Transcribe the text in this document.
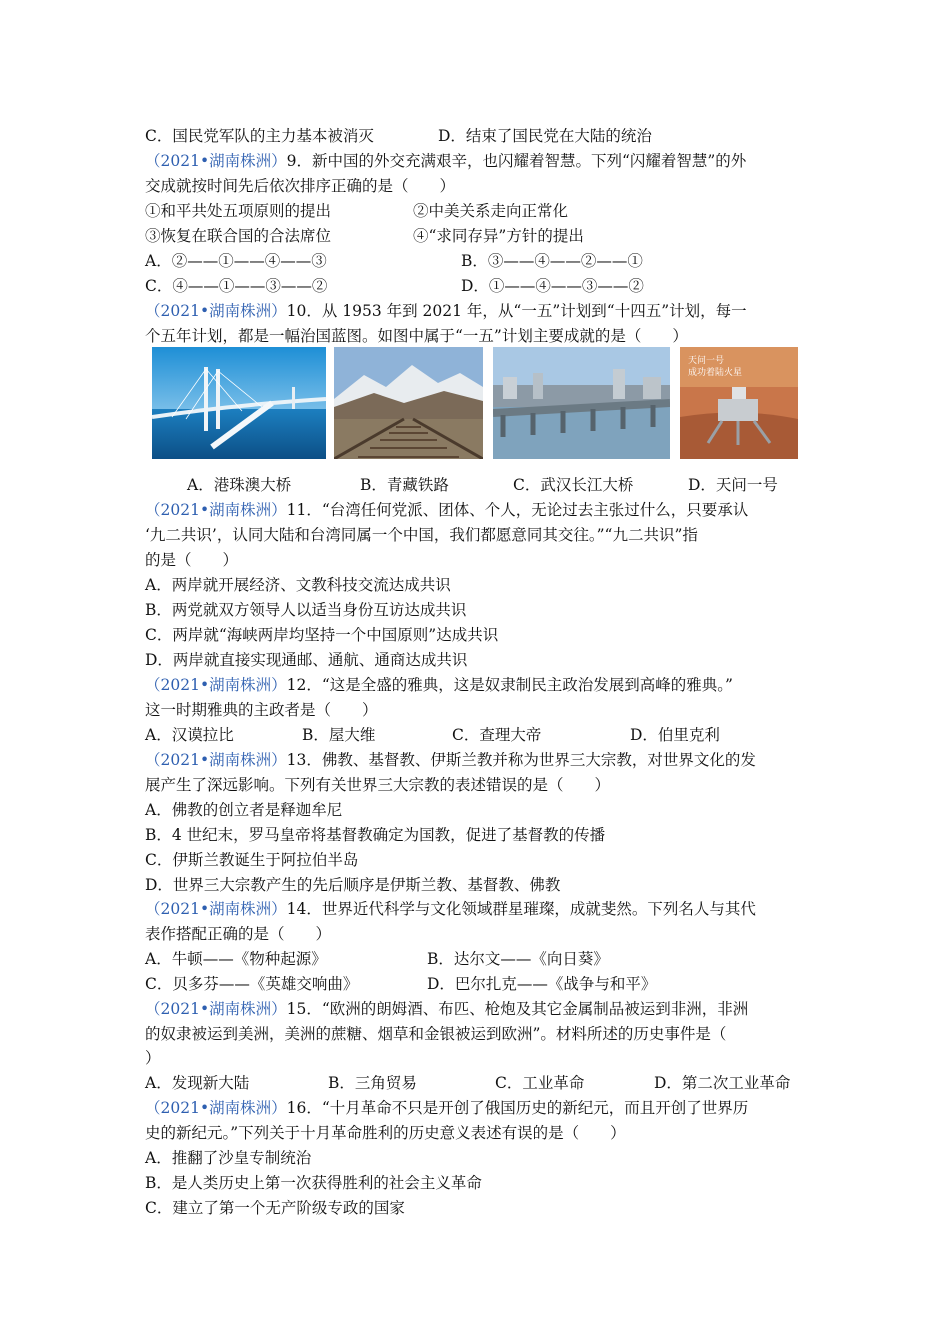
C．国民党军队的主力基本被消灭	D．结束了国民党在大陆的统治
（2021•湖南株洲）9．新中国的外交充满艰辛，也闪耀着智慧。下列“闪耀着智慧”的外
交成就按时间先后依次排序正确的是（　　）
①和平共处五项原则的提出	②中美关系走向正常化
③恢复在联合国的合法席位	④“求同存异”方针的提出
A．②——①——④——③	B．③——④——②——①
C．④——①——③——②	D．①——④——③——②
（2021•湖南株洲）10．从 1953 年到 2021 年，从“一五”计划到“十四五”计划，每一
个五年计划，都是一幅治国蓝图。如图中属于“一五”计划主要成就的是（　　）
天问一号
成功着陆火星
A．港珠澳大桥	B．青藏铁路	C．武汉长江大桥	D．天问一号
（2021•湖南株洲）11．“台湾任何党派、团体、个人，无论过去主张过什么，只要承认
‘九二共识’，认同大陆和台湾同属一个中国，我们都愿意同其交往。”“九二共识”指
的是（　　）
A．两岸就开展经济、文教科技交流达成共识
B．两党就双方领导人以适当身份互访达成共识
C．两岸就“海峡两岸均坚持一个中国原则”达成共识
D．两岸就直接实现通邮、通航、通商达成共识
（2021•湖南株洲）12．“这是全盛的雅典，这是奴隶制民主政治发展到高峰的雅典。”
这一时期雅典的主政者是（　　）
A．汉谟拉比	B．屋大维	C．查理大帝	D．伯里克利
（2021•湖南株洲）13．佛教、基督教、伊斯兰教并称为世界三大宗教，对世界文化的发
展产生了深远影响。下列有关世界三大宗教的表述错误的是（　　）
A．佛教的创立者是释迦牟尼
B．4 世纪末，罗马皇帝将基督教确定为国教，促进了基督教的传播
C．伊斯兰教诞生于阿拉伯半岛
D．世界三大宗教产生的先后顺序是伊斯兰教、基督教、佛教
（2021•湖南株洲）14．世界近代科学与文化领域群星璀璨，成就斐然。下列名人与其代
表作搭配正确的是（　　）
A．牛顿——《物种起源》	B．达尔文——《向日葵》
C．贝多芬——《英雄交响曲》	D．巴尔扎克——《战争与和平》
（2021•湖南株洲）15．“欧洲的朗姆酒、布匹、枪炮及其它金属制品被运到非洲，非洲
的奴隶被运到美洲，美洲的蔗糖、烟草和金银被运到欧洲”。材料所述的历史事件是（
）
A．发现新大陆	B．三角贸易	C．工业革命	D．第二次工业革命
（2021•湖南株洲）16．“十月革命不只是开创了俄国历史的新纪元，而且开创了世界历
史的新纪元。”下列关于十月革命胜利的历史意义表述有误的是（　　）
A．推翻了沙皇专制统治
B．是人类历史上第一次获得胜利的社会主义革命
C．建立了第一个无产阶级专政的国家
